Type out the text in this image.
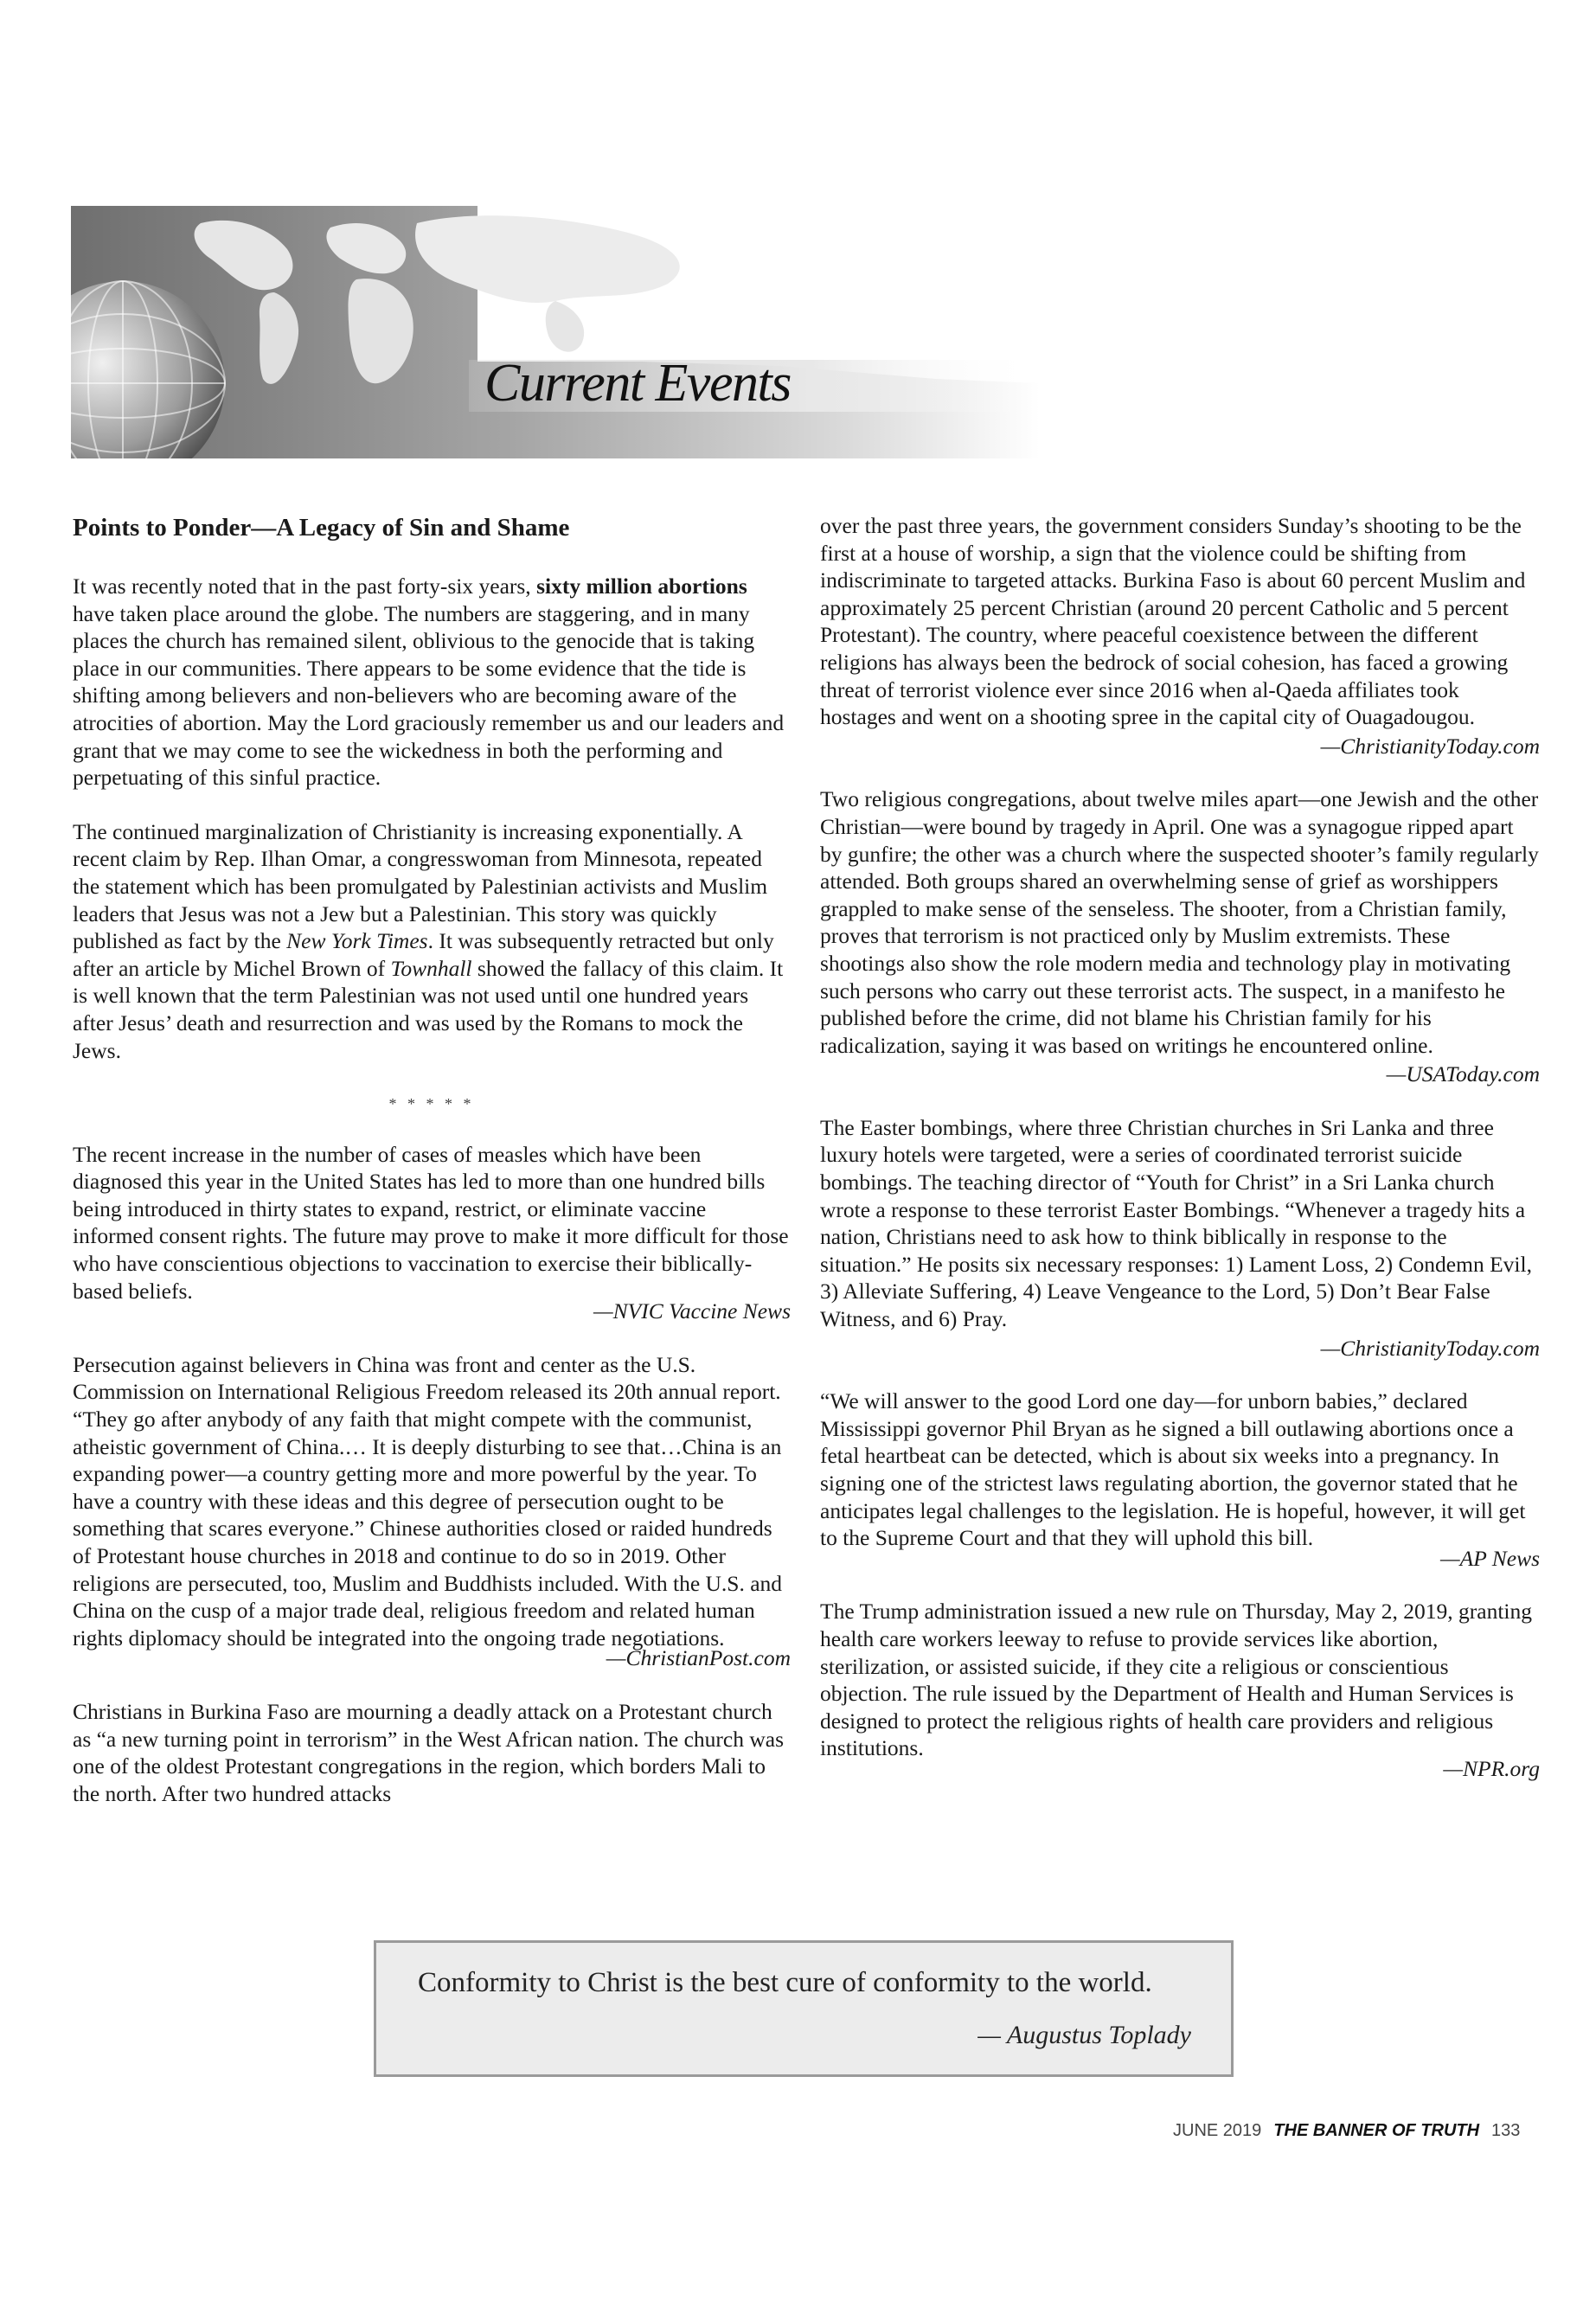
Current Events
Points to Ponder—A Legacy of Sin and Shame

It was recently noted that in the past forty-six years, sixty million abortions have taken place around the globe. The numbers are staggering, and in many places the church has remained silent, oblivious to the genocide that is taking place in our communities. There appears to be some evidence that the tide is shifting among believers and non-believers who are becoming aware of the atrocities of abortion. May the Lord graciously remember us and our leaders and grant that we may come to see the wickedness in both the performing and perpetuating of this sinful practice.

The continued marginalization of Christianity is increasing exponentially. A recent claim by Rep. Ilhan Omar, a congresswoman from Minnesota, repeated the statement which has been promulgated by Palestinian activists and Muslim leaders that Jesus was not a Jew but a Palestinian. This story was quickly published as fact by the New York Times. It was subsequently retracted but only after an article by Michel Brown of Townhall showed the fallacy of this claim. It is well known that the term Palestinian was not used until one hundred years after Jesus’ death and resurrection and was used by the Romans to mock the Jews.

* * * * *

The recent increase in the number of cases of measles which have been diagnosed this year in the United States has led to more than one hundred bills being introduced in thirty states to expand, restrict, or eliminate vaccine informed consent rights. The future may prove to make it more difficult for those who have conscientious objections to vaccination to exercise their biblically-based beliefs.

—NVIC Vaccine News

Persecution against believers in China was front and center as the U.S. Commission on International Religious Freedom released its 20th annual report. “They go after anybody of any faith that might compete with the communist, atheistic government of China.… It is deeply disturbing to see that…China is an expanding power—a country getting more and more powerful by the year. To have a country with these ideas and this degree of persecution ought to be something that scares everyone.” Chinese authorities closed or raided hundreds of Protestant house churches in 2018 and continue to do so in 2019. Other religions are persecuted, too, Muslim and Buddhists included. With the U.S. and China on the cusp of a major trade deal, religious freedom and related human rights diplomacy should be integrated into the ongoing trade negotiations.

—ChristianPost.com

Christians in Burkina Faso are mourning a deadly attack on a Protestant church as “a new turning point in terrorism” in the West African nation. The church was one of the oldest Protestant congregations in the region, which borders Mali to the north. After two hundred attacks

over the past three years, the government considers Sunday’s shooting to be the first at a house of worship, a sign that the violence could be shifting from indiscriminate to targeted attacks. Burkina Faso is about 60 percent Muslim and approximately 25 percent Christian (around 20 percent Catholic and 5 percent Protestant). The country, where peaceful coexistence between the different religions has always been the bedrock of social cohesion, has faced a growing threat of terrorist violence ever since 2016 when al-Qaeda affiliates took hostages and went on a shooting spree in the capital city of Ouagadougou.

—ChristianityToday.com

Two religious congregations, about twelve miles apart—one Jewish and the other Christian—were bound by tragedy in April. One was a synagogue ripped apart by gunfire; the other was a church where the suspected shooter’s family regularly attended. Both groups shared an overwhelming sense of grief as worshippers grappled to make sense of the senseless. The shooter, from a Christian family, proves that terrorism is not practiced only by Muslim extremists. These shootings also show the role modern media and technology play in motivating such persons who carry out these terrorist acts. The suspect, in a manifesto he published before the crime, did not blame his Christian family for his radicalization, saying it was based on writings he encountered online.

—USAToday.com

The Easter bombings, where three Christian churches in Sri Lanka and three luxury hotels were targeted, were a series of coordinated terrorist suicide bombings. The teaching director of “Youth for Christ” in a Sri Lanka church wrote a response to these terrorist Easter Bombings. “Whenever a tragedy hits a nation, Christians need to ask how to think biblically in response to the situation.” He posits six necessary responses: 1) Lament Loss, 2) Condemn Evil, 3) Alleviate Suffering, 4) Leave Vengeance to the Lord, 5) Don’t Bear False Witness, and 6) Pray.

—ChristianityToday.com

“We will answer to the good Lord one day—for unborn babies,” declared Mississippi governor Phil Bryan as he signed a bill outlawing abortions once a fetal heartbeat can be detected, which is about six weeks into a pregnancy. In signing one of the strictest laws regulating abortion, the governor stated that he anticipates legal challenges to the legislation. He is hopeful, however, it will get to the Supreme Court and that they will uphold this bill.

—AP News

The Trump administration issued a new rule on Thursday, May 2, 2019, granting health care workers leeway to refuse to provide services like abortion, sterilization, or assisted suicide, if they cite a religious or conscientious objection. The rule issued by the Department of Health and Human Services is designed to protect the religious rights of health care providers and religious institutions.

—NPR.org
Conformity to Christ is the best cure of conformity to the world.
— Augustus Toplady
JUNE 2019 THE BANNER OF TRUTH 133
